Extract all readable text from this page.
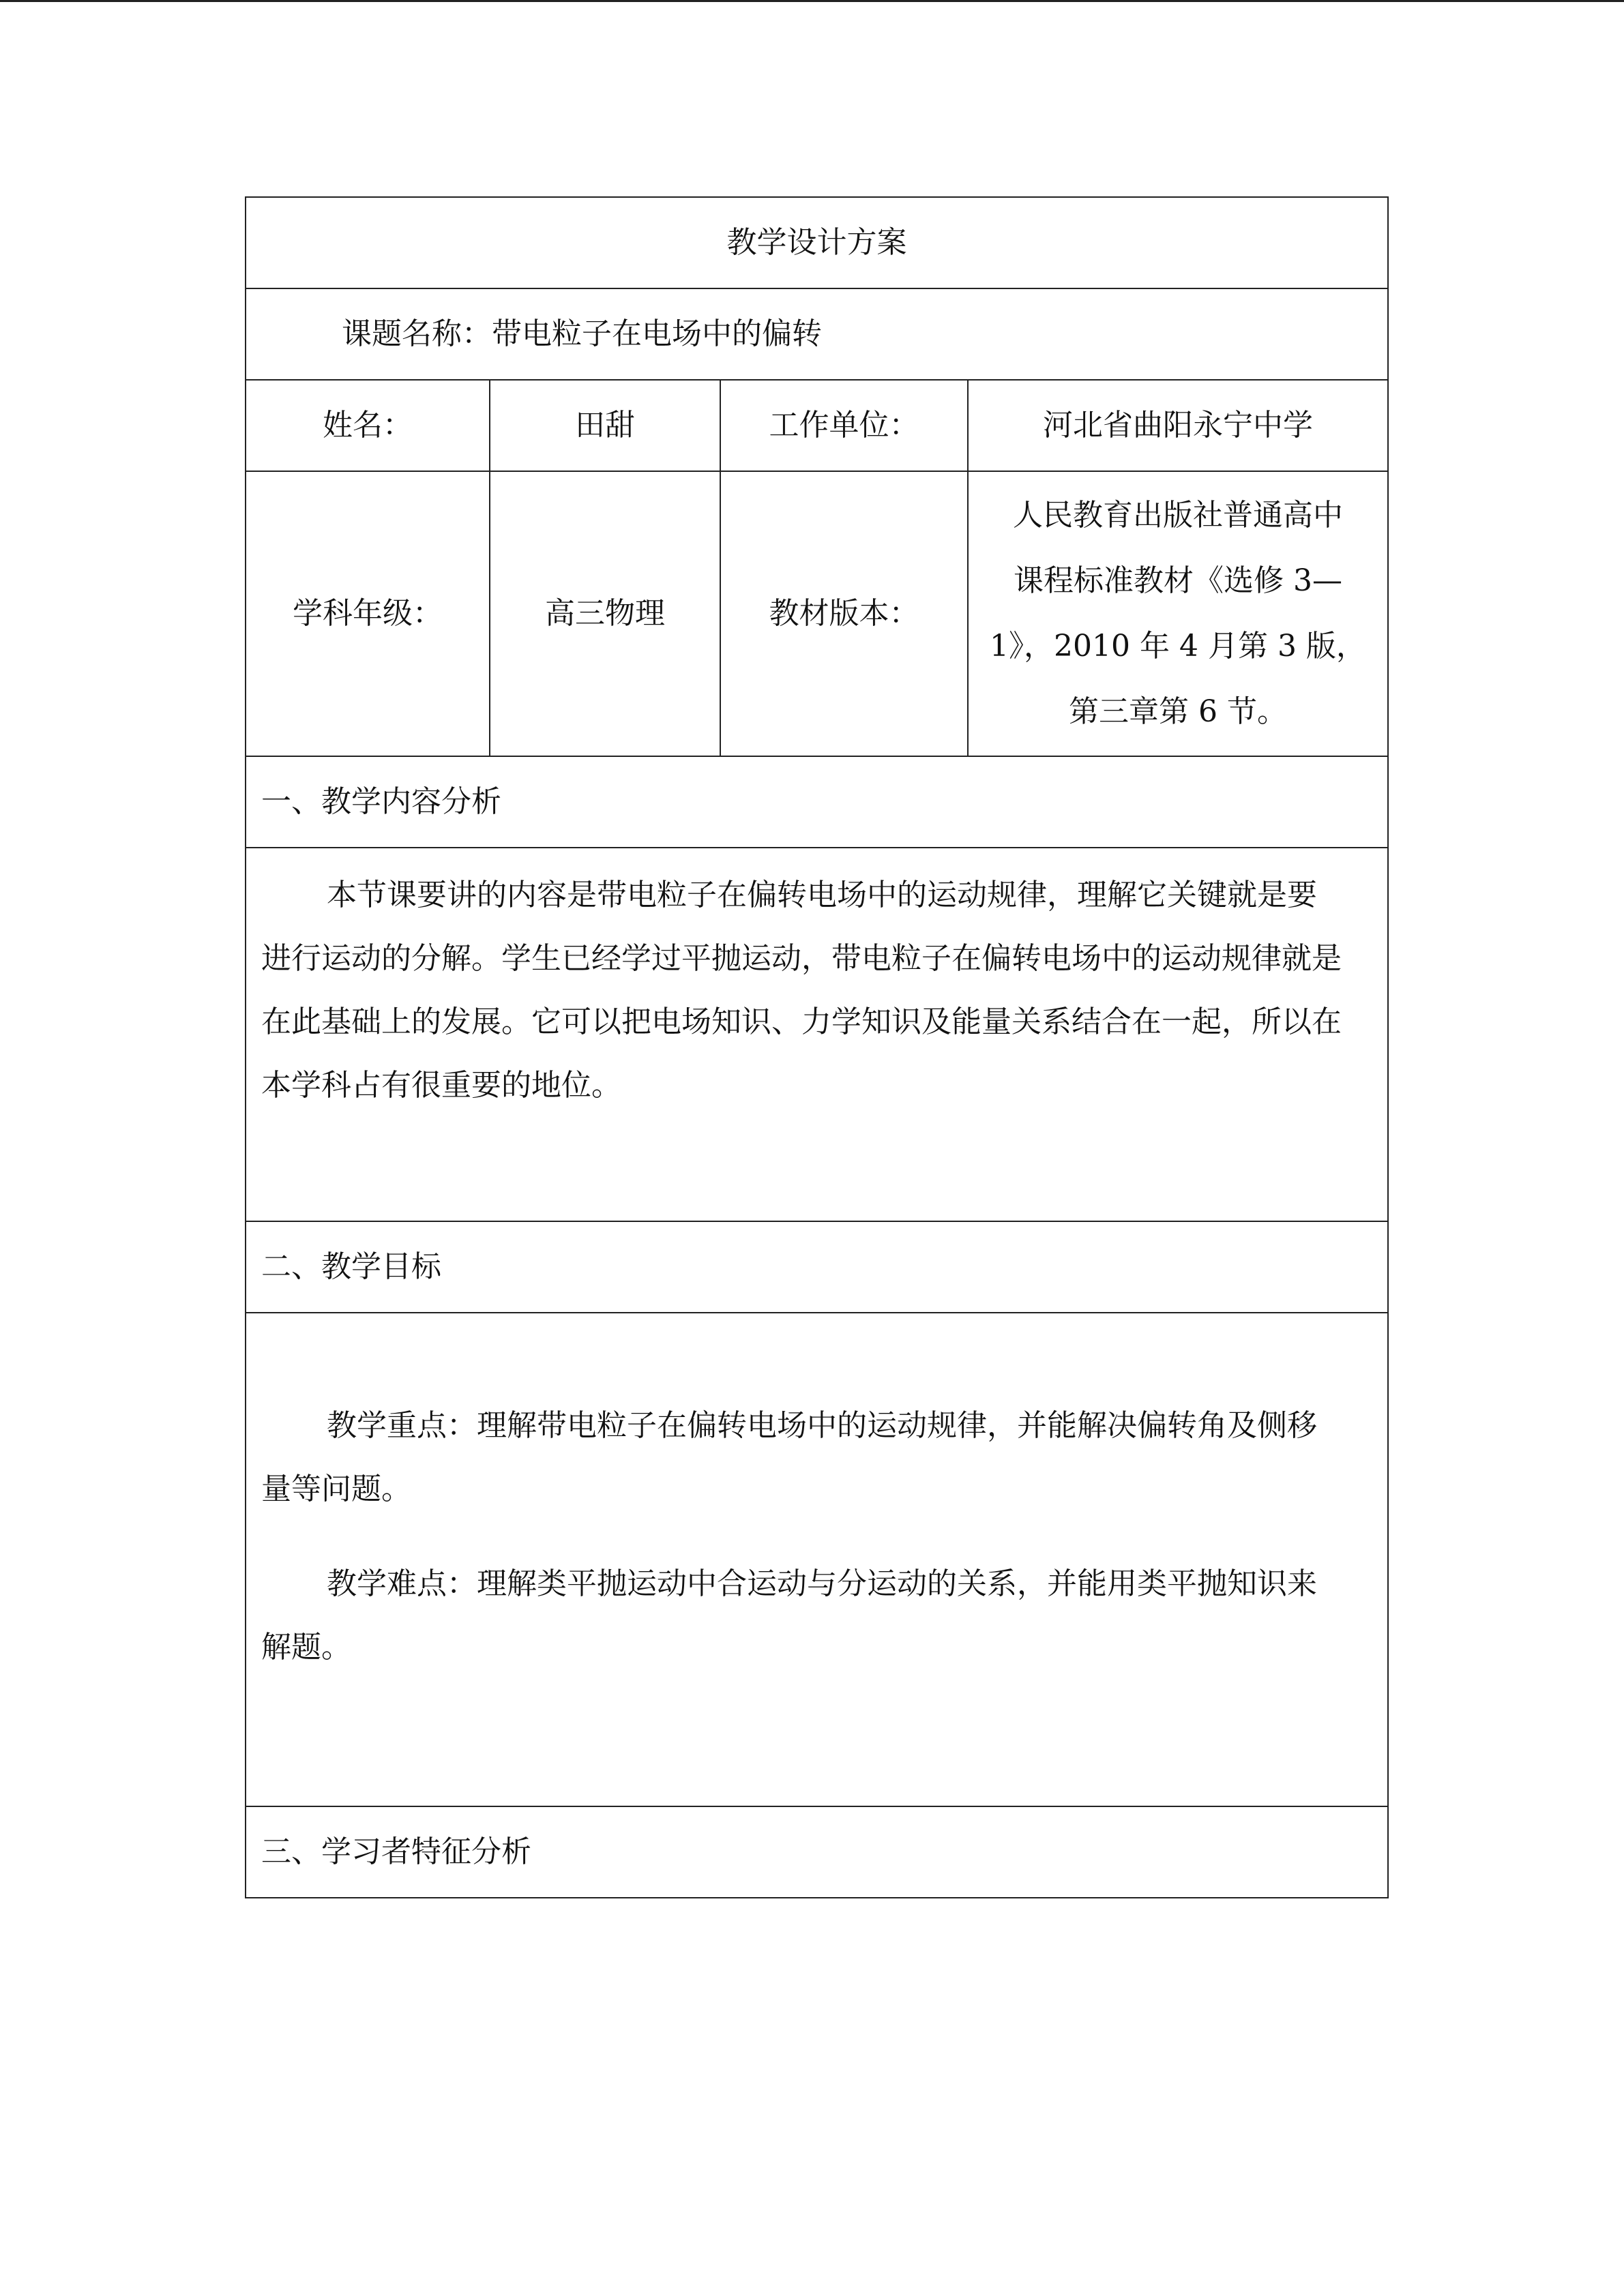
教学设计方案			
课题名称：带电粒子在电场中的偏转			
姓名：	田甜	工作单位：	河北省曲阳永宁中学
学科年级：	高三物理	教材版本：	人民教育出版社普通高中
课程标准教材《选修 3—
1》，2010 年 4 月第 3 版，
第三章第 6 节。

一、教学内容分析			

本节课要讲的内容是带电粒子在偏转电场中的运动规律，理解它关键就是要进行运动的分解。学生已经学过平抛运动，带电粒子在偏转电场中的运动规律就是在此基础上的发展。它可以把电场知识、力学知识及能量关系结合在一起，所以在本学科占有很重要的地位。			

二、教学目标			

教学重点：理解带电粒子在偏转电场中的运动规律，并能解决偏转角及侧移量等问题。

教学难点：理解类平抛运动中合运动与分运动的关系，并能用类平抛知识来解题。			

三、学习者特征分析			
